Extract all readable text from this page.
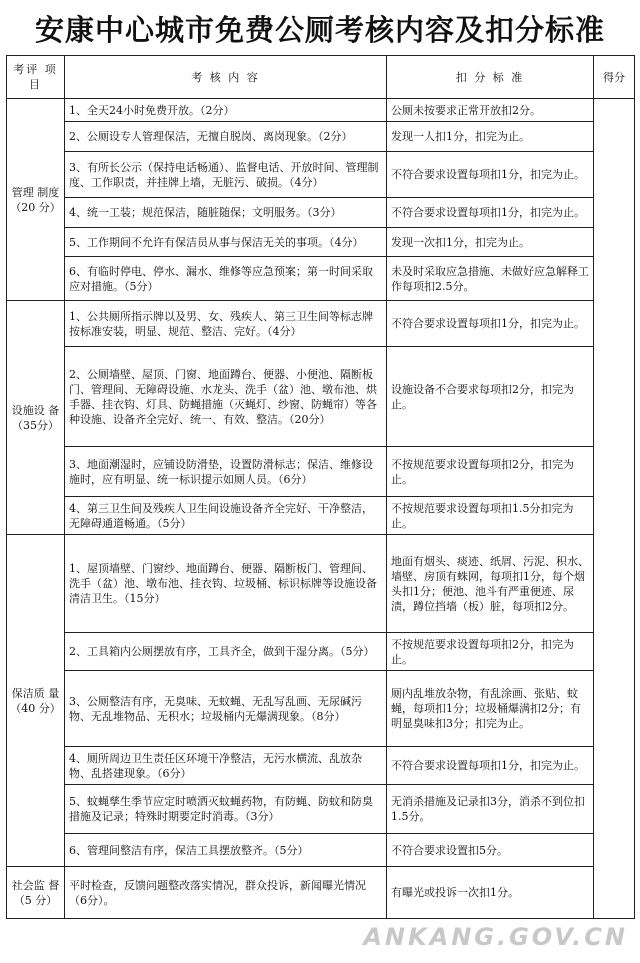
安康中心城市免费公厕考核内容及扣分标准
考评 项目	考 核 内 容	扣 分 标 准	得分
管理 制度 （20 分）	1、全天24小时免费开放。（2分）	公厕未按要求正常开放扣2分。	
	2、公厕设专人管理保洁，无擅自脱岗、离岗现象。（2分）	发现一人扣1分，扣完为止。	
	3、有所长公示（保持电话畅通）、监督电话、开放时间、管理制度、工作职责，并挂牌上墙，无脏污、破损。（4分）	不符合要求设置每项扣1分，扣完为止。	
	4、统一工装；规范保洁，随脏随保；文明服务。（3分）	不符合要求设置每项扣1分，扣完为止。	
	5、工作期间不允许有保洁员从事与保洁无关的事项。（4分）	发现一次扣1分，扣完为止。	
	6、有临时停电、停水、漏水、维修等应急预案；第一时间采取应对措施。（5分）	未及时采取应急措施、未做好应急解释工作每项扣2.5分。	
设施设 备 （35分）	1、公共厕所指示牌以及男、女、残疾人、第三卫生间等标志牌按标准安装，明显、规范、整洁、完好。（4分）	不符合要求设置每项扣1分，扣完为止。	
	2、公厕墙壁、屋顶、门窗、地面蹲台、便器、小便池、隔断板门、管理间、无障碍设施、水龙头、洗手（盆）池、墩布池、烘手器、挂衣钩、灯具、防蝇措施（灭蝇灯、纱窗、防蝇帘）等各种设施、设备齐全完好、统一、有效、整洁。（20分）	设施设备不合要求每项扣2分，扣完为止。	
	3、地面潮湿时，应铺设防滑垫，设置防滑标志；保洁、维修设施时，应有明显、统一标识提示如厕人员。（6分）	不按规范要求设置每项扣2分，扣完为止。	
	4、第三卫生间及残疾人卫生间设施设备齐全完好、干净整洁，无障碍通道畅通。（5分）	不按规范要求设置每项扣1.5分扣完为止。	
保洁质 量（40 分）	1、屋顶墙壁、门窗纱、地面蹲台、便器、隔断板门、管理间、洗手（盆）池、墩布池、挂衣钩、垃圾桶、标识标牌等设施设备清洁卫生。（15分）	地面有烟头、痰迹、纸屑、污泥、积水、墙壁、房顶有蛛网，每项扣1分，每个烟头扣1分；便池、池斗有严重便迹、尿渍，蹲位挡墙（板）脏，每项扣2分。	
	2、工具箱内公厕摆放有序，工具齐全，做到干湿分离。（5分）	不按规范要求设置每项扣2分，扣完为止。	
	3、公厕整洁有序，无臭味、无蚊蝇、无乱写乱画、无尿碱污物、无乱堆物品、无积水；垃圾桶内无爆满现象。（8分）	厕内乱堆放杂物，有乱涂画、张贴、蚊蝇，每项扣1分；垃圾桶爆满扣2分；有明显臭味扣3分；扣完为止。	
	4、厕所周边卫生责任区环境干净整洁，无污水横流、乱放杂物、乱搭建现象。（6分）	不符合要求设置每项扣1分，扣完为止。	
	5、蚊蝇孳生季节应定时喷洒灭蚊蝇药物，有防蝇、防蚊和防臭措施及记录；特殊时期要定时消毒。（3分）	无消杀措施及记录扣3分，消杀不到位扣1.5分。	
	6、管理间整洁有序，保洁工具摆放整齐。（5分）	不符合要求设置扣5分。	
社会监 督（5 分）	平时检查，反馈问题整改落实情况，群众投诉，新闻曝光情况（6分）。	有曝光或投诉一次扣1分。	
ANKANG.GOV.CN
